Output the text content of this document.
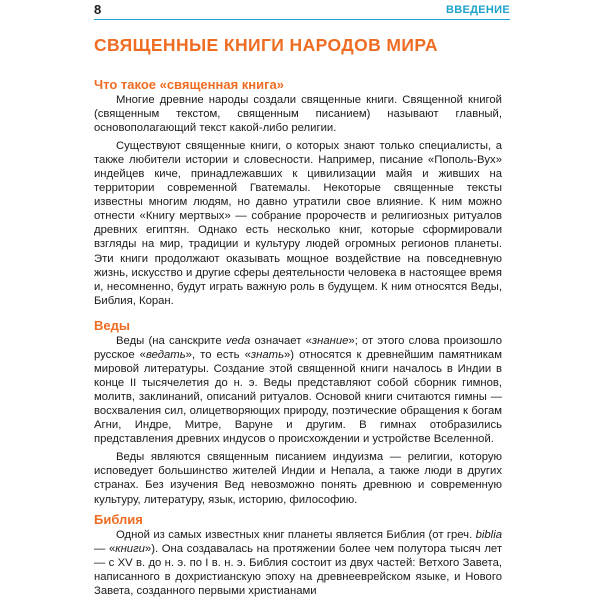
8	ВВЕДЕНИЕ
СВЯЩЕННЫЕ КНИГИ НАРОДОВ МИРА
Что такое «священная книга»

Многие древние народы создали священные книги. Священной книгой (священным текстом, священным писанием) называют главный, основополагающий текст какой-либо религии.

Существуют священные книги, о которых знают только специалисты, а также любители истории и словесности. Например, писание «Пополь-Вух» индейцев киче, принадлежавших к цивилизации майя и живших на территории современной Гватемалы. Некоторые священные тексты известны многим людям, но давно утратили свое влияние. К ним можно отнести «Книгу мертвых» — собрание пророчеств и религиозных ритуалов древних египтян. Однако есть несколько книг, которые сформировали взгляды на мир, традиции и культуру людей огромных регионов планеты. Эти книги продолжают оказывать мощное воздействие на повседневную жизнь, искусство и другие сферы деятельности человека в настоящее время и, несомненно, будут играть важную роль в будущем. К ним относятся Веды, Библия, Коран.

Веды

Веды (на санскрите veda означает «знание»; от этого слова произошло русское «ведать», то есть «знать») относятся к древнейшим памятникам мировой литературы. Создание этой священной книги началось в Индии в конце II тысячелетия до н. э. Веды представляют собой сборник гимнов, молитв, заклинаний, описаний ритуалов. Основой книги считаются гимны — восхваления сил, олицетворяющих природу, поэтические обращения к богам Агни, Индре, Митре, Варуне и другим. В гимнах отобразились представления древних индусов о происхождении и устройстве Вселенной.

Веды являются священным писанием индуизма — религии, которую исповедует большинство жителей Индии и Непала, а также люди в других странах. Без изучения Вед невозможно понять древнюю и современную культуру, литературу, язык, историю, философию.

Библия

Одной из самых известных книг планеты является Библия (от греч. biblia — «книги»). Она создавалась на протяжении более чем полутора тысяч лет — с XV в. до н. э. по I в. н. э. Библия состоит из двух частей: Ветхого Завета, написанного в дохристианскую эпоху на древнееврейском языке, и Нового Завета, созданного первыми христианами
